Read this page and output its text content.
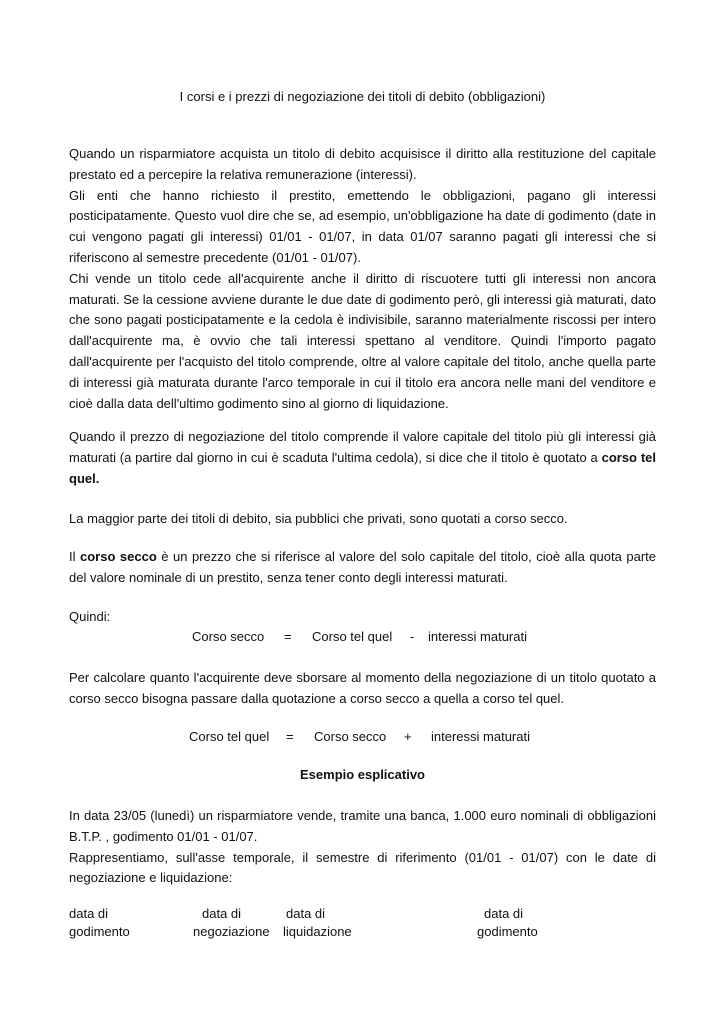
I corsi e i prezzi di negoziazione dei titoli di debito (obbligazioni)

Quando un risparmiatore acquista un titolo di debito acquisisce il diritto alla restituzione del capitale prestato ed a percepire la relativa remunerazione (interessi).

Gli enti che hanno richiesto il prestito, emettendo le obbligazioni, pagano gli interessi posticipatamente. Questo vuol dire che se, ad esempio, un'obbligazione ha date di godimento (date in cui vengono pagati gli interessi) 01/01 - 01/07, in data 01/07 saranno pagati gli interessi che si riferiscono al semestre precedente (01/01 - 01/07).

Chi vende un titolo cede all'acquirente anche il diritto di riscuotere tutti gli interessi non ancora maturati. Se la cessione avviene durante le due date di godimento però, gli interessi già maturati, dato che sono pagati posticipatamente e la cedola è indivisibile, saranno materialmente riscossi per intero dall'acquirente ma, è ovvio che tali interessi spettano al venditore. Quindi l'importo pagato dall'acquirente per l'acquisto del titolo comprende, oltre al valore capitale del titolo, anche quella parte di interessi già maturata durante l'arco temporale in cui il titolo era ancora nelle mani del venditore e cioè dalla data dell'ultimo godimento sino al giorno di liquidazione.

Quando il prezzo di negoziazione del titolo comprende il valore capitale del titolo più gli interessi già maturati (a partire dal giorno in cui è scaduta l'ultima cedola), si dice che il titolo è quotato a corso tel quel.

La maggior parte dei titoli di debito, sia pubblici che privati, sono quotati a corso secco.

Il corso secco è un prezzo che si riferisce al valore del solo capitale del titolo, cioè alla quota parte del valore nominale di un prestito, senza tener conto degli interessi maturati.

Quindi:
Corso secco = Corso tel quel - interessi maturati

Per calcolare quanto l'acquirente deve sborsare al momento della negoziazione di un titolo quotato a corso secco bisogna passare dalla quotazione a corso secco a quella a corso tel quel.

Corso tel quel = Corso secco + interessi maturati
Esempio esplicativo

In data 23/05 (lunedì) un risparmiatore vende, tramite una banca, 1.000 euro nominali di obbligazioni B.T.P. , godimento 01/01 - 01/07.

Rappresentiamo, sull'asse temporale, il semestre di riferimento (01/01 - 01/07) con le date di negoziazione e liquidazione:

data di
godimento
data di
negoziazione
data di
liquidazione
data di
godimento
